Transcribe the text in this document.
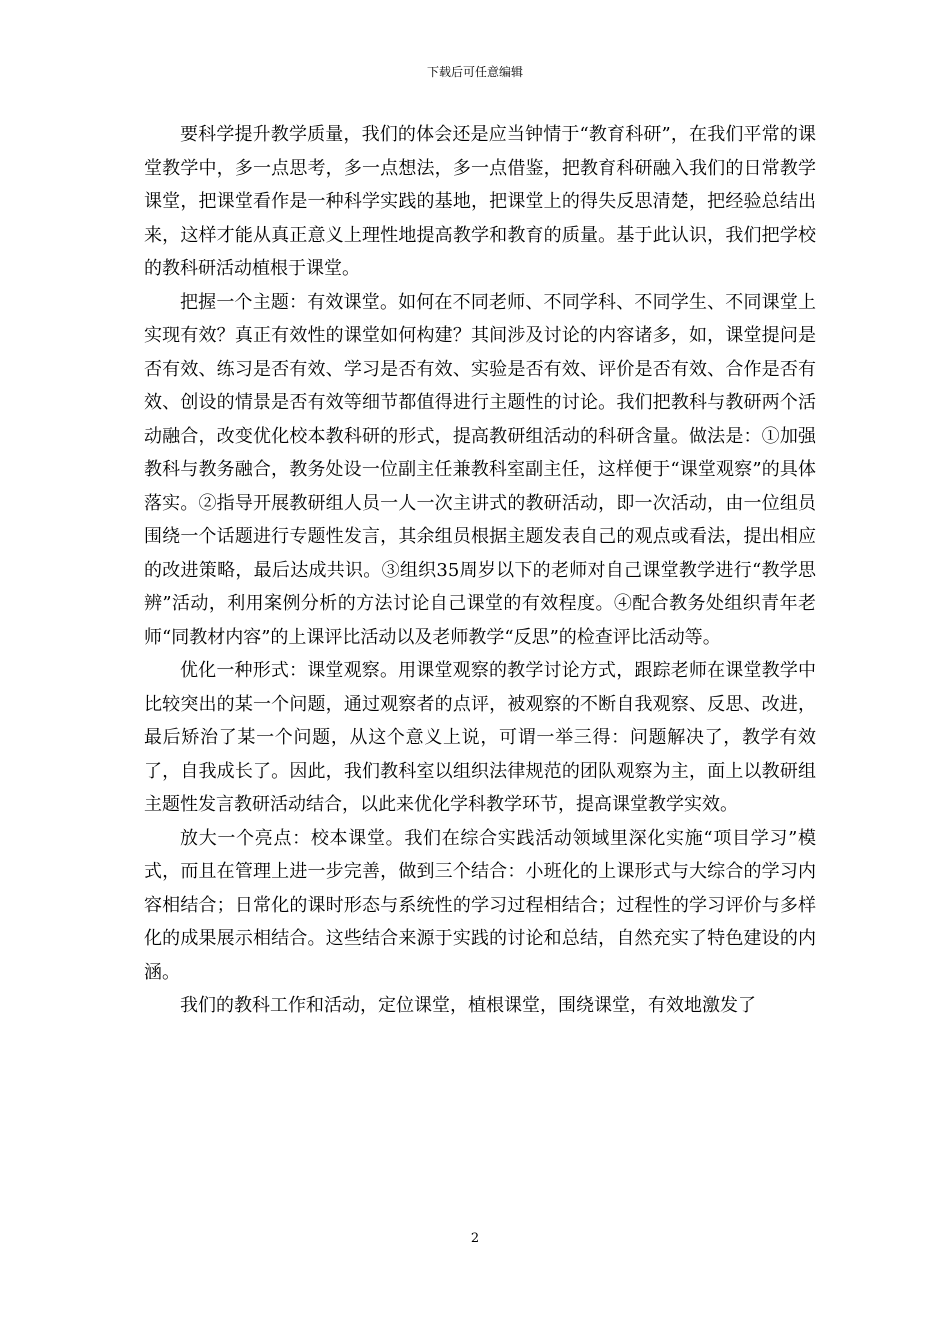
下载后可任意编辑

要科学提升教学质量，我们的体会还是应当钟情于“教育科研”，在我们平常的课堂教学中，多一点思考，多一点想法，多一点借鉴，把教育科研融入我们的日常教学课堂，把课堂看作是一种科学实践的基地，把课堂上的得失反思清楚，把经验总结出来，这样才能从真正意义上理性地提高教学和教育的质量。基于此认识，我们把学校的教科研活动植根于课堂。

把握一个主题：有效课堂。如何在不同老师、不同学科、不同学生、不同课堂上实现有效？真正有效性的课堂如何构建？其间涉及讨论的内容诸多，如，课堂提问是否有效、练习是否有效、学习是否有效、实验是否有效、评价是否有效、合作是否有效、创设的情景是否有效等细节都值得进行主题性的讨论。我们把教科与教研两个活动融合，改变优化校本教科研的形式，提高教研组活动的科研含量。做法是：①加强教科与教务融合，教务处设一位副主任兼教科室副主任，这样便于“课堂观察”的具体落实。②指导开展教研组人员一人一次主讲式的教研活动，即一次活动，由一位组员围绕一个话题进行专题性发言，其余组员根据主题发表自己的观点或看法，提出相应的改进策略，最后达成共识。③组织35周岁以下的老师对自己课堂教学进行“教学思辨”活动，利用案例分析的方法讨论自己课堂的有效程度。④配合教务处组织青年老师“同教材内容”的上课评比活动以及老师教学“反思”的检查评比活动等。

优化一种形式：课堂观察。用课堂观察的教学讨论方式，跟踪老师在课堂教学中比较突出的某一个问题，通过观察者的点评，被观察的不断自我观察、反思、改进，最后矫治了某一个问题，从这个意义上说，可谓一举三得：问题解决了，教学有效了，自我成长了。因此，我们教科室以组织法律规范的团队观察为主，面上以教研组主题性发言教研活动结合，以此来优化学科教学环节，提高课堂教学实效。

放大一个亮点：校本课堂。我们在综合实践活动领域里深化实施“项目学习”模式，而且在管理上进一步完善，做到三个结合：小班化的上课形式与大综合的学习内容相结合；日常化的课时形态与系统性的学习过程相结合；过程性的学习评价与多样化的成果展示相结合。这些结合来源于实践的讨论和总结，自然充实了特色建设的内涵。

我们的教科工作和活动，定位课堂，植根课堂，围绕课堂，有效地激发了

2
